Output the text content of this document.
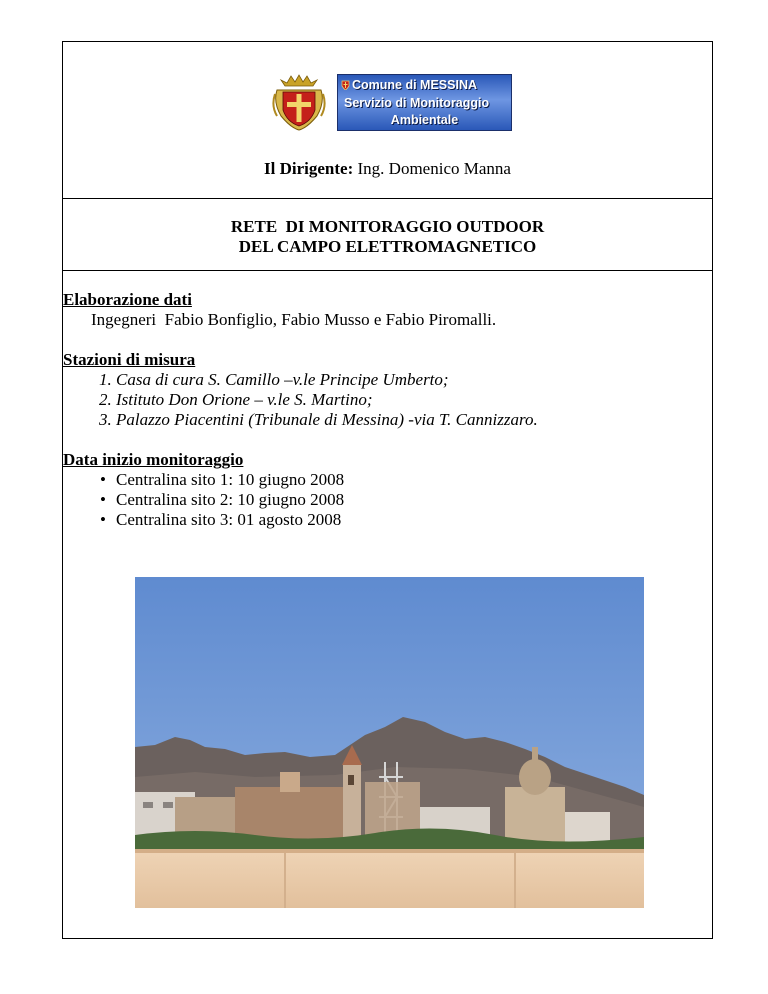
Comune di MESSINA
Servizio di Monitoraggio
Ambientale
Il Dirigente: Ing. Domenico Manna
RETE  DI MONITORAGGIO OUTDOOR
DEL CAMPO ELETTROMAGNETICO
Elaborazione dati
Ingegneri  Fabio Bonfiglio, Fabio Musso e Fabio Piromalli.
Stazioni di misura
1. Casa di cura S. Camillo –v.le Principe Umberto;
2. Istituto Don Orione – v.le S. Martino;
3. Palazzo Piacentini (Tribunale di Messina) -via T. Cannizzaro.
Data inizio monitoraggio
• Centralina sito 1: 10 giugno 2008
• Centralina sito 2: 10 giugno 2008
• Centralina sito 3: 01 agosto 2008
